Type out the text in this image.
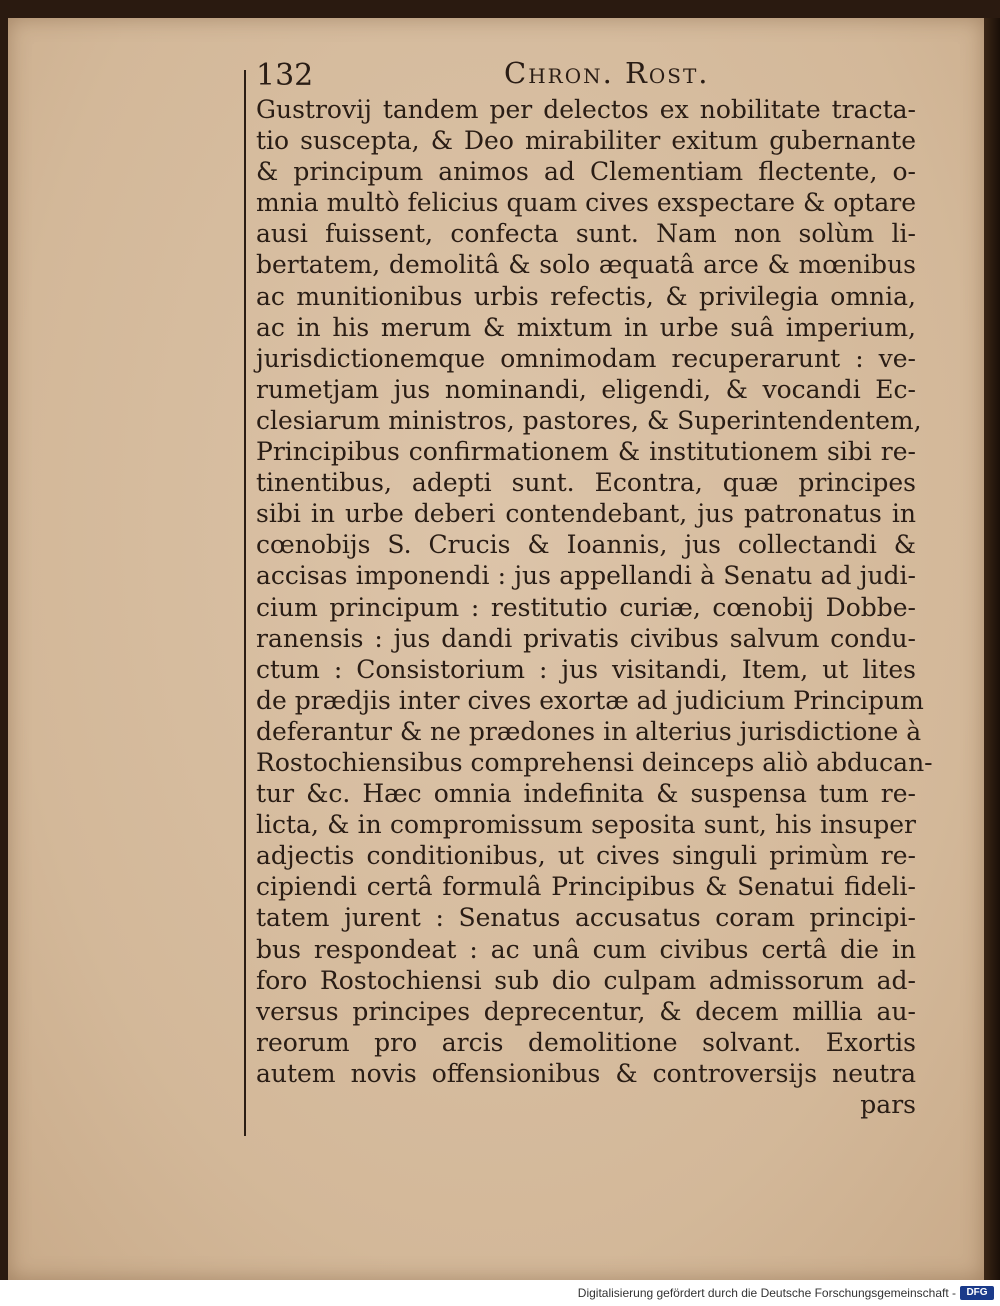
132	Chron. Rost.
Gustrovij tandem per delectos ex nobilitate tracta-
tio suscepta, & Deo mirabiliter exitum gubernante
& principum animos ad Clementiam flectente, o-
mnia multò felicius quam cives exspectare & optare
ausi fuissent, confecta sunt. Nam non solùm li-
bertatem, demolitâ & solo æquatâ arce & mœnibus
ac munitionibus urbis refectis, & privilegia omnia,
ac in his merum & mixtum in urbe suâ imperium,
jurisdictionemque omnimodam recuperarunt : ve-
rumetjam jus nominandi, eligendi, & vocandi Ec-
clesiarum ministros, pastores, & Superintendentem,
Principibus confirmationem & institutionem sibi re-
tinentibus, adepti sunt. Econtra, quæ principes
sibi in urbe deberi contendebant, jus patronatus in
cœnobijs S. Crucis & Ioannis, jus collectandi &
accisas imponendi : jus appellandi à Senatu ad judi-
cium principum : restitutio curiæ, cœnobij Dobbe-
ranensis : jus dandi privatis civibus salvum condu-
ctum : Consistorium : jus visitandi, Item, ut lites
de prædjis inter cives exortæ ad judicium Principum
deferantur & ne prædones in alterius jurisdictione à
Rostochiensibus comprehensi deinceps aliò abducan-
tur &c. Hæc omnia indefinita & suspensa tum re-
licta, & in compromissum seposita sunt, his insuper
adjectis conditionibus, ut cives singuli primùm re-
cipiendi certâ formulâ Principibus & Senatui fideli-
tatem jurent : Senatus accusatus coram principi-
bus respondeat : ac unâ cum civibus certâ die in
foro Rostochiensi sub dio culpam admissorum ad-
versus principes deprecentur, & decem millia au-
reorum pro arcis demolitione solvant. Exortis
autem novis offensionibus & controversijs neutra
pars
Digitalisierung gefördert durch die Deutsche Forschungsgemeinschaft -	DFG
